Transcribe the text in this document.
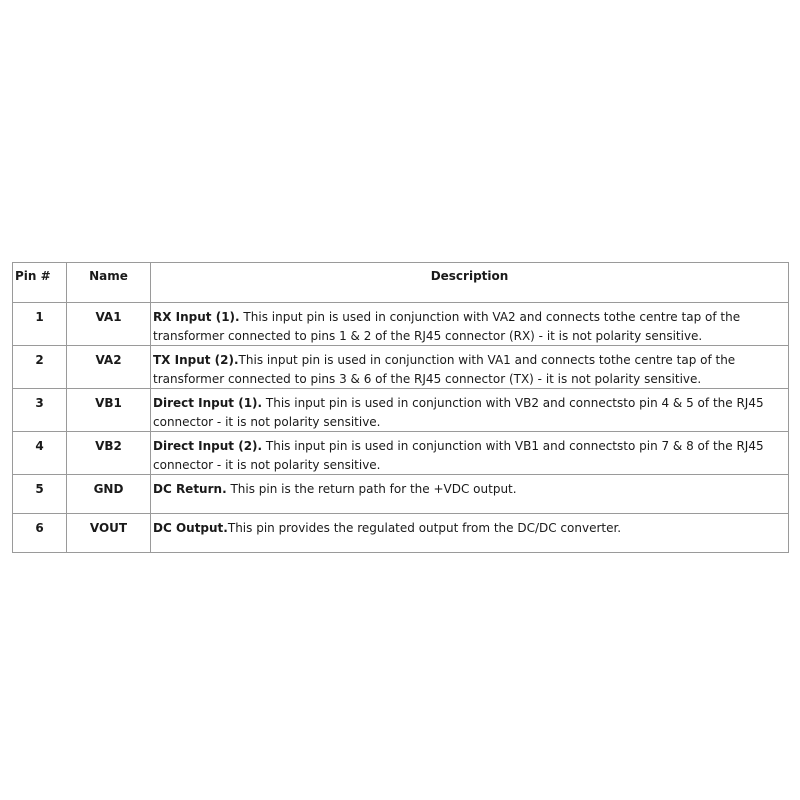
Pin #	Name	Description

1	VA1	RX Input (1). This input pin is used in conjunction with VA2 and connects tothe centre tap of the transformer connected to pins 1 & 2 of the RJ45 connector (RX) - it is not polarity sensitive.

2	VA2	TX Input (2).This input pin is used in conjunction with VA1 and connects tothe centre tap of the transformer connected to pins 3 & 6 of the RJ45 connector (TX) - it is not polarity sensitive.

3	VB1	Direct Input (1). This input pin is used in conjunction with VB2 and connectsto pin 4 & 5 of the RJ45 connector - it is not polarity sensitive.

4	VB2	Direct Input (2). This input pin is used in conjunction with VB1 and connectsto pin 7 & 8 of the RJ45 connector - it is not polarity sensitive.

5	GND	DC Return. This pin is the return path for the +VDC output.

6	VOUT	DC Output.This pin provides the regulated output from the DC/DC converter.
